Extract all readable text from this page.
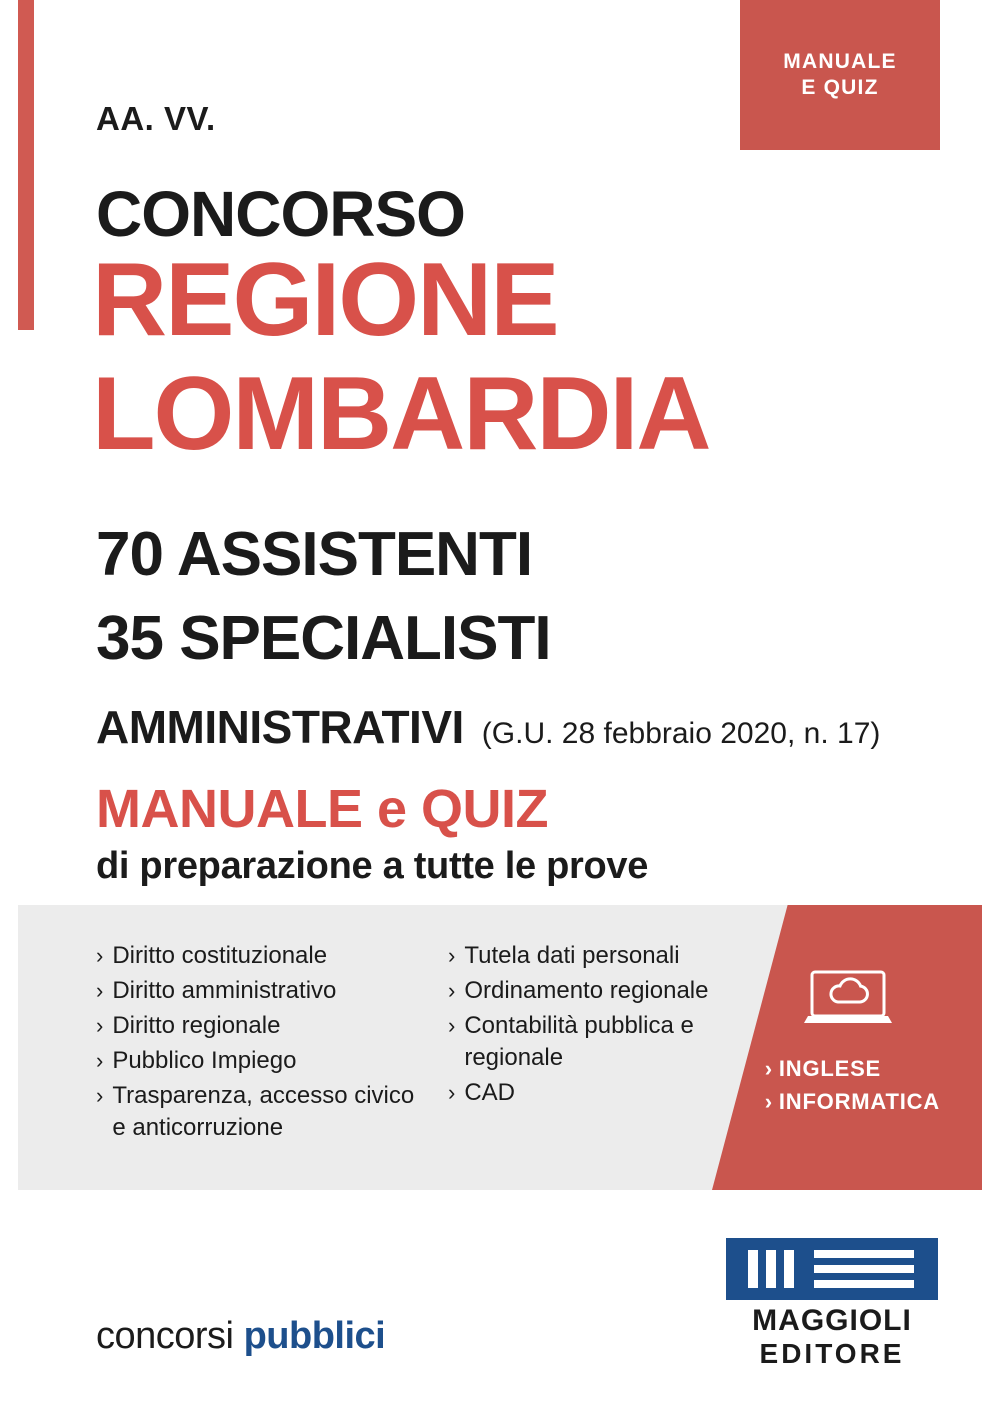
MANUALE
E QUIZ
AA. VV.
CONCORSO
REGIONE
LOMBARDIA
70 ASSISTENTI
35 SPECIALISTI
AMMINISTRATIVI (G.U. 28 febbraio 2020, n. 17)
MANUALE e QUIZ
di preparazione a tutte le prove
› INGLESE
› INFORMATICA
› Diritto costituzionale
› Diritto amministrativo
› Diritto regionale
› Pubblico Impiego
› Trasparenza, accesso civico e anticorruzione
› Tutela dati personali
› Ordinamento regionale
› Contabilità pubblica e regionale
› CAD
concorsi pubblici	MAGGIOLI
EDITORE
